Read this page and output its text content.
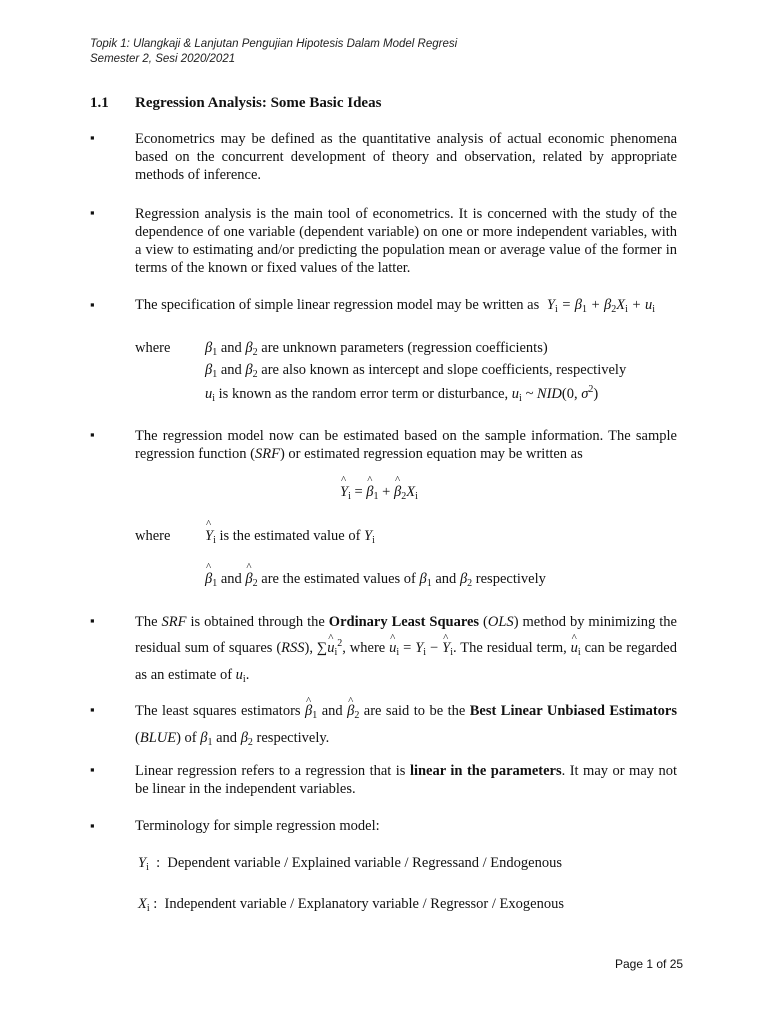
Topik 1: Ulangkaji & Lanjutan Pengujian Hipotesis Dalam Model Regresi
Semester 2, Sesi 2020/2021
1.1 Regression Analysis: Some Basic Ideas
▪	Econometrics may be defined as the quantitative analysis of actual economic phenomena based on the concurrent development of theory and observation, related by appropriate methods of inference.
▪	Regression analysis is the main tool of econometrics. It is concerned with the study of the dependence of one variable (dependent variable) on one or more independent variables, with a view to estimating and/or predicting the population mean or average value of the former in terms of the known or fixed values of the latter.
▪	The specification of simple linear regression model may be written as $Y_i = \beta_1 + \beta_2X_i + u_i$
where $\beta_1$ and $\beta_2$ are unknown parameters (regression coefficients)
$\beta_1$ and $\beta_2$ are also known as intercept and slope coefficients, respectively
$u_i$ is known as the random error term or disturbance, $u_i$ ~ NID(0, $\sigma^2$)
▪	The regression model now can be estimated based on the sample information. The sample regression function (SRF) or estimated regression equation may be written as
^ $Y_i$ = ^ $\beta_1$ + ^ $\beta_2X_i$
where ^ $Y_i$ is the estimated value of $Y_i$
^ $\beta_1$ and ^ $\beta_2$ are the estimated values of $\beta_1$ and $\beta_2$ respectively
▪	The SRF is obtained through the Ordinary Least Squares (OLS) method by minimizing the residual sum of squares (RSS), ∑^ $u_i^2$, where ^ $u_i = Y_i$ − ^ $Y_i$. The residual term, ^ $u_i$ can be regarded as an estimate of $u_i$.
▪	The least squares estimators ^ $\beta_1$ and ^ $\beta_2$ are said to be the Best Linear Unbiased Estimators (BLUE) of $\beta_1$ and $\beta_2$ respectively.
▪	Linear regression refers to a regression that is linear in the parameters. It may or may not be linear in the independent variables.
▪	Terminology for simple regression model:
$Y_i$  :  Dependent variable / Explained variable / Regressand / Endogenous
$X_i$ :  Independent variable / Explanatory variable / Regressor / Exogenous
Page 1 of 25
